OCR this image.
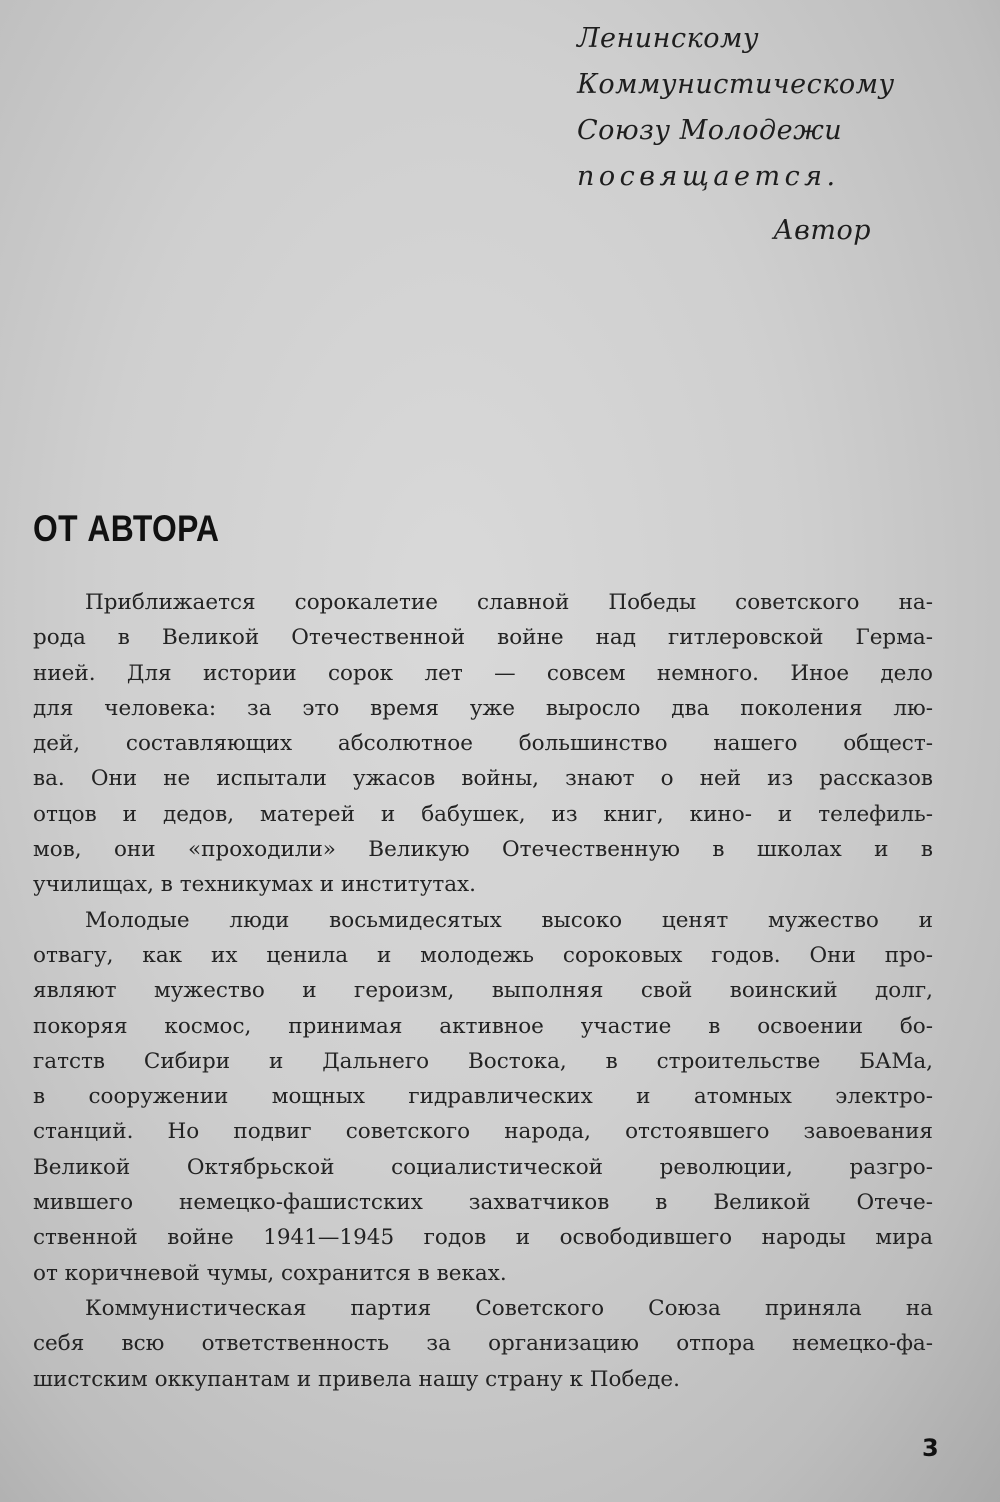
Ленинскому
Коммунистическому
Союзу Молодежи
посвящается.
Автор
ОТ АВТОРА
Приближается сорокалетие славной Победы советского на-
рода в Великой Отечественной войне над гитлеровской Герма-
нией. Для истории сорок лет — совсем немного. Иное дело
для человека: за это время уже выросло два поколения лю-
дей, составляющих абсолютное большинство нашего общест-
ва. Они не испытали ужасов войны, знают о ней из рассказов
отцов и дедов, матерей и бабушек, из книг, кино- и телефиль-
мов, они «проходили» Великую Отечественную в школах и в
училищах, в техникумах и институтах.
Молодые люди восьмидесятых высоко ценят мужество и
отвагу, как их ценила и молодежь сороковых годов. Они про-
являют мужество и героизм, выполняя свой воинский долг,
покоряя космос, принимая активное участие в освоении бо-
гатств Сибири и Дальнего Востока, в строительстве БАМа,
в сооружении мощных гидравлических и атомных электро-
станций. Но подвиг советского народа, отстоявшего завоевания
Великой Октябрьской социалистической революции, разгро-
мившего немецко-фашистских захватчиков в Великой Отече-
ственной войне 1941—1945 годов и освободившего народы мира
от коричневой чумы, сохранится в веках.
Коммунистическая партия Советского Союза приняла на
себя всю ответственность за организацию отпора немецко-фа-
шистским оккупантам и привела нашу страну к Победе.
3
